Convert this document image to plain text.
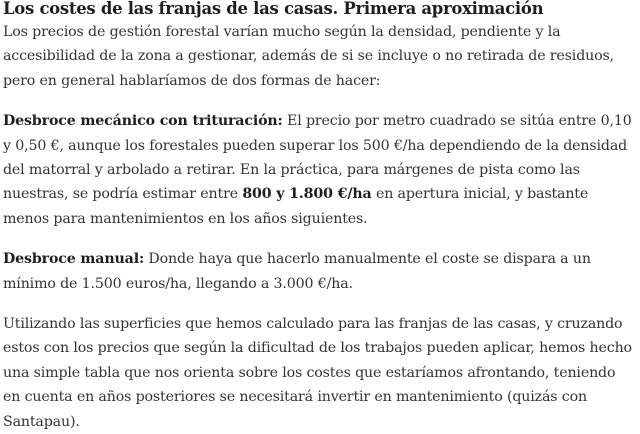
Los costes de las franjas de las casas. Primera aproximación

Los precios de gestión forestal varían mucho según la densidad, pendiente y la accesibilidad de la zona a gestionar, además de si se incluye o no retirada de residuos, pero en general hablaríamos de dos formas de hacer:

Desbroce mecánico con trituración: El precio por metro cuadrado se sitúa entre 0,10 y 0,50 €, aunque los forestales pueden superar los 500 €/ha dependiendo de la densidad del matorral y arbolado a retirar. En la práctica, para márgenes de pista como las nuestras, se podría estimar entre 800 y 1.800 €/ha en apertura inicial, y bastante menos para mantenimientos en los años siguientes.

Desbroce manual: Donde haya que hacerlo manualmente el coste se dispara a un mínimo de 1.500 euros/ha, llegando a 3.000 €/ha.

Utilizando las superficies que hemos calculado para las franjas de las casas, y cruzando estos con los precios que según la dificultad de los trabajos pueden aplicar, hemos hecho una simple tabla que nos orienta sobre los costes que estaríamos afrontando, teniendo en cuenta en años posteriores se necesitará invertir en mantenimiento (quizás con Santapau).
